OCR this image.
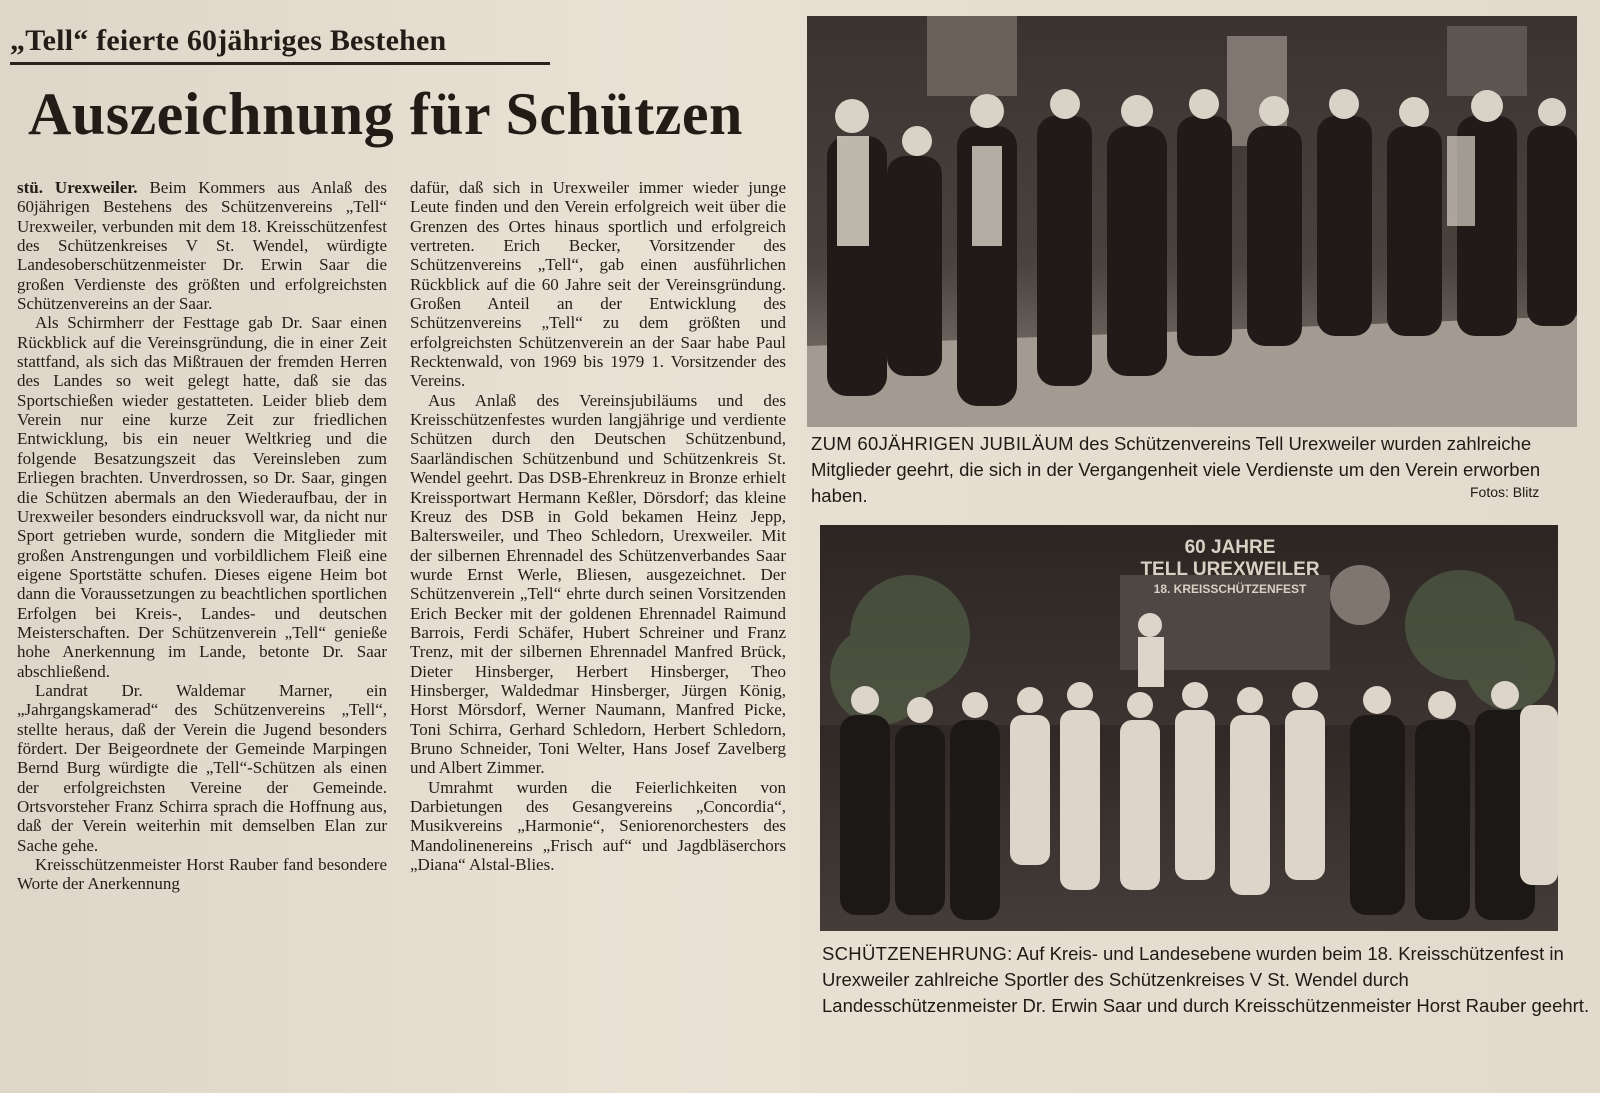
„Tell“ feierte 60jähriges Bestehen
Auszeichnung für Schützen

stü. Urexweiler. Beim Kommers aus Anlaß des 60jährigen Bestehens des Schützenvereins „Tell“ Urexweiler, verbunden mit dem 18. Kreisschützenfest des Schützenkreises V St. Wendel, würdigte Landesoberschützenmeister Dr. Erwin Saar die großen Verdienste des größten und erfolgreichsten Schützenvereins an der Saar.

Als Schirmherr der Festtage gab Dr. Saar einen Rückblick auf die Vereinsgründung, die in einer Zeit stattfand, als sich das Mißtrauen der fremden Herren des Landes so weit gelegt hatte, daß sie das Sportschießen wieder gestatteten. Leider blieb dem Verein nur eine kurze Zeit zur friedlichen Entwicklung, bis ein neuer Weltkrieg und die folgende Besatzungszeit das Vereinsleben zum Erliegen brachten. Unverdrossen, so Dr. Saar, gingen die Schützen abermals an den Wiederaufbau, der in Urexweiler besonders eindrucksvoll war, da nicht nur Sport getrieben wurde, sondern die Mitglieder mit großen Anstrengungen und vorbildlichem Fleiß eine eigene Sportstätte schufen. Dieses eigene Heim bot dann die Voraussetzungen zu beachtlichen sportlichen Erfolgen bei Kreis-, Landes- und deutschen Meisterschaften. Der Schützenverein „Tell“ genieße hohe Anerkennung im Lande, betonte Dr. Saar abschließend.

Landrat Dr. Waldemar Marner, ein „Jahrgangskamerad“ des Schützenvereins „Tell“, stellte heraus, daß der Verein die Jugend besonders fördert. Der Beigeordnete der Gemeinde Marpingen Bernd Burg würdigte die „Tell“-Schützen als einen der erfolgreichsten Vereine der Gemeinde. Ortsvorsteher Franz Schirra sprach die Hoffnung aus, daß der Verein weiterhin mit demselben Elan zur Sache gehe.

Kreisschützenmeister Horst Rauber fand besondere Worte der Anerkennung

dafür, daß sich in Urexweiler immer wieder junge Leute finden und den Verein erfolgreich weit über die Grenzen des Ortes hinaus sportlich und erfolgreich vertreten. Erich Becker, Vorsitzender des Schützenvereins „Tell“, gab einen ausführlichen Rückblick auf die 60 Jahre seit der Vereinsgründung. Großen Anteil an der Entwicklung des Schützenvereins „Tell“ zu dem größten und erfolgreichsten Schützenverein an der Saar habe Paul Recktenwald, von 1969 bis 1979 1. Vorsitzender des Vereins.

Aus Anlaß des Vereinsjubiläums und des Kreisschützenfestes wurden langjährige und verdiente Schützen durch den Deutschen Schützenbund, Saarländischen Schützenbund und Schützenkreis St. Wendel geehrt. Das DSB-Ehrenkreuz in Bronze erhielt Kreissportwart Hermann Keßler, Dörsdorf; das kleine Kreuz des DSB in Gold bekamen Heinz Jepp, Baltersweiler, und Theo Schledorn, Urexweiler. Mit der silbernen Ehrennadel des Schützenverbandes Saar wurde Ernst Werle, Bliesen, ausgezeichnet. Der Schützenverein „Tell“ ehrte durch seinen Vorsitzenden Erich Becker mit der goldenen Ehrennadel Raimund Barrois, Ferdi Schäfer, Hubert Schreiner und Franz Trenz, mit der silbernen Ehrennadel Manfred Brück, Dieter Hinsberger, Herbert Hinsberger, Theo Hinsberger, Waldedmar Hinsberger, Jürgen König, Horst Mörsdorf, Werner Naumann, Manfred Picke, Toni Schirra, Gerhard Schledorn, Herbert Schledorn, Bruno Schneider, Toni Welter, Hans Josef Zavelberg und Albert Zimmer.

Umrahmt wurden die Feierlichkeiten von Darbietungen des Gesangvereins „Concordia“, Musikvereins „Harmonie“, Seniorenorchesters des Mandolinenereins „Frisch auf“ und Jagdbläserchors „Diana“ Alstal-Blies.

ZUM 60JÄHRIGEN JUBILÄUM des Schützenvereins Tell Urexweiler wurden zahlreiche Mitglieder geehrt, die sich in der Vergangenheit viele Verdienste um den Verein erworben haben.	Fotos: Blitz
60 JAHRE
TELL UREXWEILER
18. KREISSCHÜTZENFEST
SCHÜTZENEHRUNG: Auf Kreis- und Landesebene wurden beim 18. Kreisschützenfest in Urexweiler zahlreiche Sportler des Schützenkreises V St. Wendel durch Landesschützenmeister Dr. Erwin Saar und durch Kreisschützenmeister Horst Rauber geehrt.
